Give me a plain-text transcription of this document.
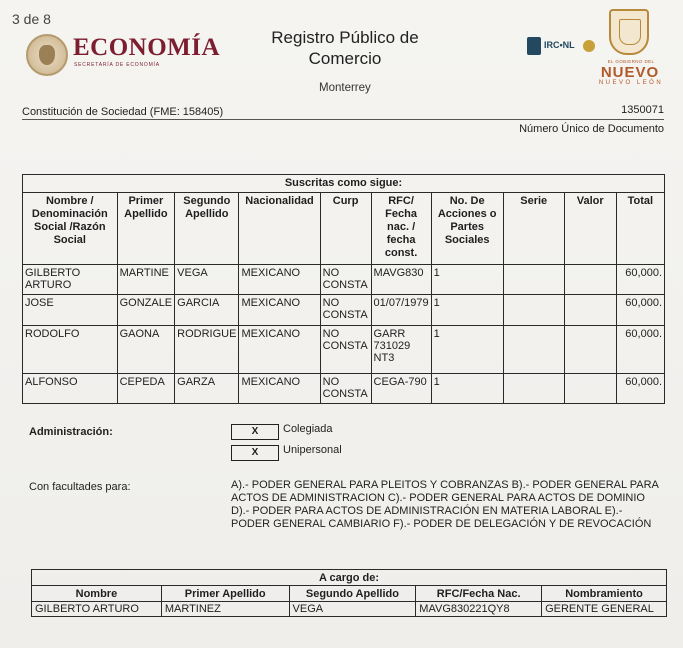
3 de 8
ECONOMÍA
SECRETARÍA DE ECONOMÍA
Registro Público de
Comercio
Monterrey
IRC•NL
EL GOBIERNO DEL
NUEVO
NUEVO LEÓN
Constitución de Sociedad (FME: 158405)	1350071
Número Único de Documento
Suscritas como sigue:									
Nombre / Denominación Social /Razón Social	Primer Apellido	Segundo Apellido	Nacionalidad	Curp	RFC/ Fecha nac. / fecha const.	No. De Acciones o Partes Sociales	Serie	Valor	Total
GILBERTO ARTURO	MARTINE	VEGA	MEXICANO	NO CONSTA	MAVG830	1			60,000.
JOSE	GONZALE	GARCIA	MEXICANO	NO CONSTA	01/07/1979	1			60,000.
RODOLFO	GAONA	RODRIGUE	MEXICANO	NO CONSTA	GARR 731029 NT3	1			60,000.
ALFONSO	CEPEDA	GARZA	MEXICANO	NO CONSTA	CEGA-790	1			60,000.
Administración:	X	Colegiada
X	Unipersonal
Con facultades para:	A).- PODER GENERAL PARA PLEITOS Y COBRANZAS B).- PODER GENERAL PARA ACTOS DE ADMINISTRACION C).- PODER GENERAL PARA ACTOS DE DOMINIO D).- PODER PARA ACTOS DE ADMINISTRACIÓN EN MATERIA LABORAL E).- PODER GENERAL CAMBIARIO F).- PODER DE DELEGACIÓN Y DE REVOCACIÓN
A cargo de:				
Nombre	Primer Apellido	Segundo Apellido	RFC/Fecha Nac.	Nombramiento
GILBERTO ARTURO	MARTINEZ	VEGA	MAVG830221QY8	GERENTE GENERAL
